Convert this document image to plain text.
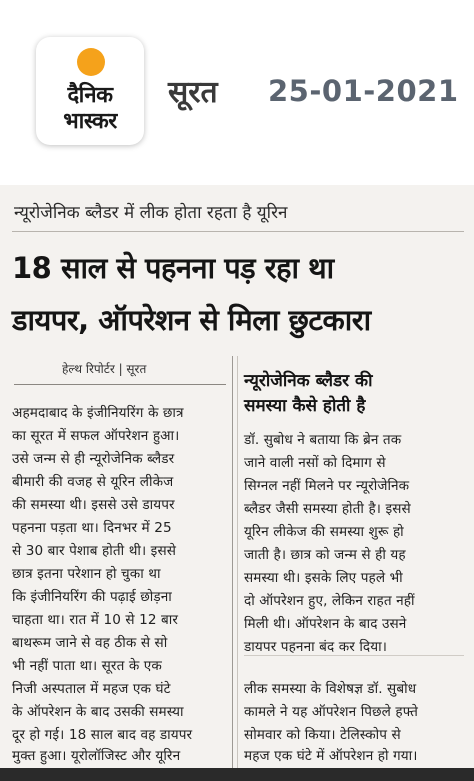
दैनिक
भास्कर
सूरत 25-01-2021
न्यूरोजेनिक ब्लैडर में लीक होता रहता है यूरिन
18 साल से पहनना पड़ रहा था
डायपर, ऑपरेशन से मिला छुटकारा
हेल्थ रिपोर्टर | सूरत
न्यूरोजेनिक ब्लैडर की
समस्या कैसे होती है
अहमदाबाद के इंजीनियरिंग के छात्र
का सूरत में सफल ऑपरेशन हुआ।
उसे जन्म से ही न्यूरोजेनिक ब्लैडर
बीमारी की वजह से यूरिन लीकेज
की समस्या थी। इससे उसे डायपर
पहनना पड़ता था। दिनभर में 25
से 30 बार पेशाब होती थी। इससे
छात्र इतना परेशान हो चुका था
कि इंजीनियरिंग की पढ़ाई छोड़ना
चाहता था। रात में 10 से 12 बार
बाथरूम जाने से वह ठीक से सो
भी नहीं पाता था। सूरत के एक
निजी अस्पताल में महज एक घंटे
के ऑपरेशन के बाद उसकी समस्या
दूर हो गई। 18 साल बाद वह डायपर
मुक्त हुआ। यूरोलॉजिस्ट और यूरिन
डॉ. सुबोध ने बताया कि ब्रेन तक
जाने वाली नसों को दिमाग से
सिग्नल नहीं मिलने पर न्यूरोजेनिक
ब्लैडर जैसी समस्या होती है। इससे
यूरिन लीकेज की समस्या शुरू हो
जाती है। छात्र को जन्म से ही यह
समस्या थी। इसके लिए पहले भी
दो ऑपरेशन हुए, लेकिन राहत नहीं
मिली थी। ऑपरेशन के बाद उसने
डायपर पहनना बंद कर दिया।
लीक समस्या के विशेषज्ञ डॉ. सुबोध
कामले ने यह ऑपरेशन पिछले हफ्ते
सोमवार को किया। टेलिस्कोप से
महज एक घंटे में ऑपरेशन हो गया।
